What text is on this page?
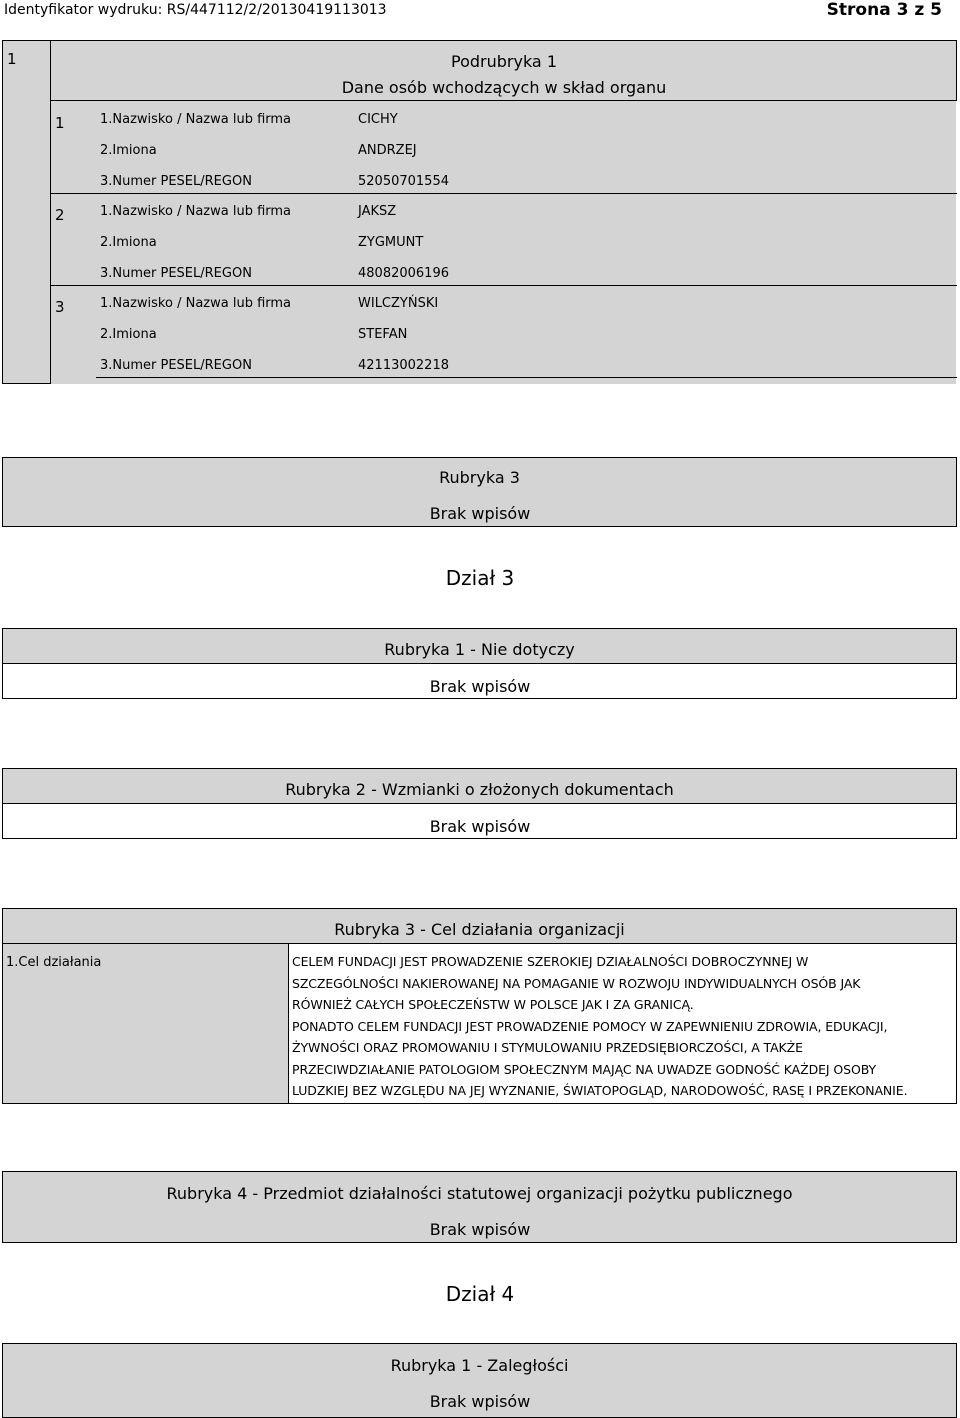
Identyfikator wydruku: RS/447112/2/20130419113013	Strona 3 z 5
1	Podrubryka 1
Dane osób wchodzących w skład organu
1	1.Nazwisko / Nazwa lub firma	CICHY
2.Imiona	ANDRZEJ
3.Numer PESEL/REGON	52050701554
2	1.Nazwisko / Nazwa lub firma	JAKSZ
2.Imiona	ZYGMUNT
3.Numer PESEL/REGON	48082006196
3	1.Nazwisko / Nazwa lub firma	WILCZYŃSKI
2.Imiona	STEFAN
3.Numer PESEL/REGON	42113002218
Rubryka 3
Brak wpisów
Dział 3
Rubryka 1 - Nie dotyczy
Brak wpisów
Rubryka 2 - Wzmianki o złożonych dokumentach
Brak wpisów
Rubryka 3 - Cel działania organizacji
1.Cel działania	CELEM FUNDACJI JEST PROWADZENIE SZEROKIEJ DZIAŁALNOŚCI DOBROCZYNNEJ W
SZCZEGÓLNOŚCI NAKIEROWANEJ NA POMAGANIE W ROZWOJU INDYWIDUALNYCH OSÓB JAK
RÓWNIEŻ CAŁYCH SPOŁECZEŃSTW W POLSCE JAK I ZA GRANICĄ.
PONADTO CELEM FUNDACJI JEST PROWADZENIE POMOCY W ZAPEWNIENIU ZDROWIA, EDUKACJI,
ŻYWNOŚCI ORAZ PROMOWANIU I STYMULOWANIU PRZEDSIĘBIORCZOŚCI, A TAKŻE
PRZECIWDZIAŁANIE PATOLOGIOM SPOŁECZNYM MAJĄC NA UWADZE GODNOŚĆ KAŻDEJ OSOBY
LUDZKIEJ BEZ WZGLĘDU NA JEJ WYZNANIE, ŚWIATOPOGLĄD, NARODOWOŚĆ, RASĘ I PRZEKONANIE.
Rubryka 4 - Przedmiot działalności statutowej organizacji pożytku publicznego
Brak wpisów
Dział 4
Rubryka 1 - Zaległości
Brak wpisów
